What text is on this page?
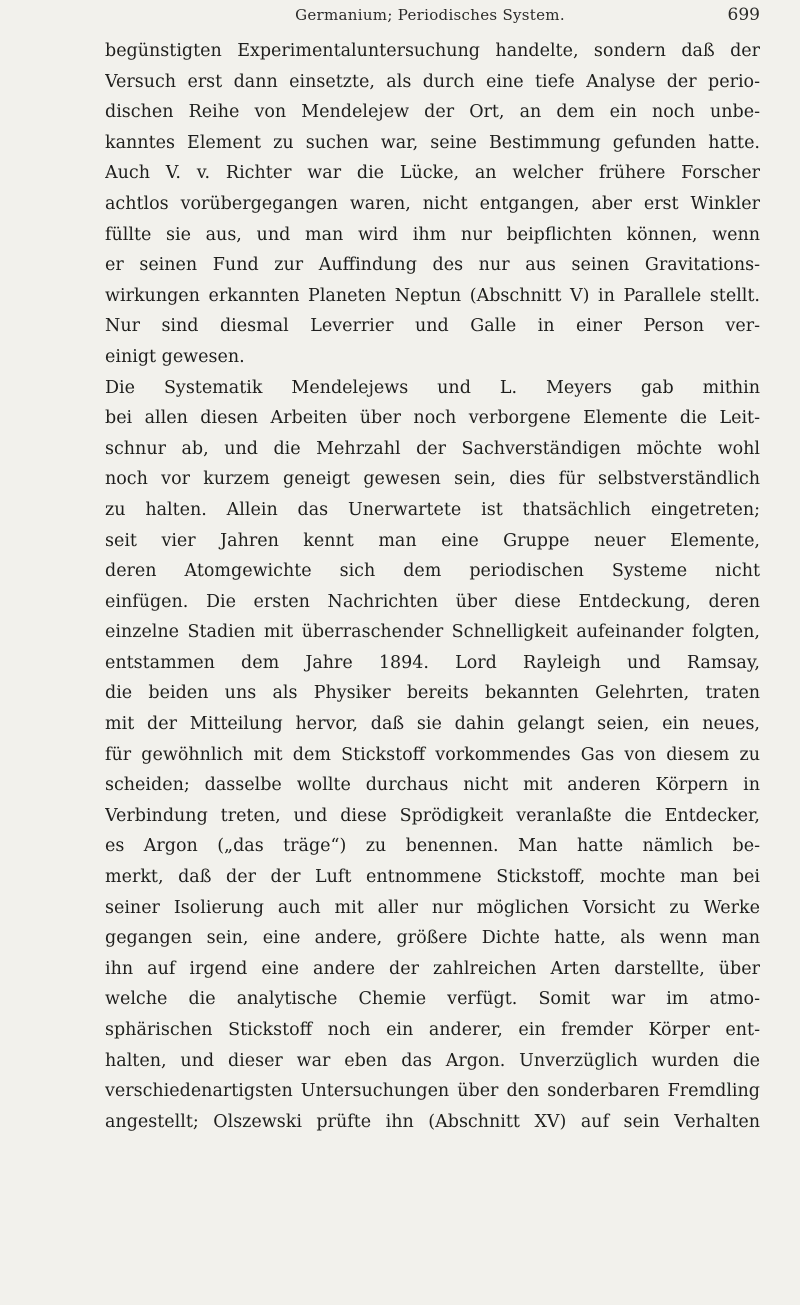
Germanium; Periodisches System.	699
begünstigten Experimentaluntersuchung handelte, sondern daß der
Versuch erst dann einsetzte, als durch eine tiefe Analyse der perio-
dischen Reihe von Mendelejew der Ort, an dem ein noch unbe-
kanntes Element zu suchen war, seine Bestimmung gefunden hatte.
Auch V. v. Richter war die Lücke, an welcher frühere Forscher
achtlos vorübergegangen waren, nicht entgangen, aber erst Winkler
füllte sie aus, und man wird ihm nur beipflichten können, wenn
er seinen Fund zur Auffindung des nur aus seinen Gravitations-
wirkungen erkannten Planeten Neptun (Abschnitt V) in Parallele stellt.
Nur sind diesmal Leverrier und Galle in einer Person ver-
einigt gewesen.
Die Systematik Mendelejews und L. Meyers gab mithin
bei allen diesen Arbeiten über noch verborgene Elemente die Leit-
schnur ab, und die Mehrzahl der Sachverständigen möchte wohl
noch vor kurzem geneigt gewesen sein, dies für selbstverständlich
zu halten. Allein das Unerwartete ist thatsächlich eingetreten;
seit vier Jahren kennt man eine Gruppe neuer Elemente,
deren Atomgewichte sich dem periodischen Systeme nicht
einfügen. Die ersten Nachrichten über diese Entdeckung, deren
einzelne Stadien mit überraschender Schnelligkeit aufeinander folgten,
entstammen dem Jahre 1894. Lord Rayleigh und Ramsay,
die beiden uns als Physiker bereits bekannten Gelehrten, traten
mit der Mitteilung hervor, daß sie dahin gelangt seien, ein neues,
für gewöhnlich mit dem Stickstoff vorkommendes Gas von diesem zu
scheiden; dasselbe wollte durchaus nicht mit anderen Körpern in
Verbindung treten, und diese Sprödigkeit veranlaßte die Entdecker,
es Argon („das träge“) zu benennen. Man hatte nämlich be-
merkt, daß der der Luft entnommene Stickstoff, mochte man bei
seiner Isolierung auch mit aller nur möglichen Vorsicht zu Werke
gegangen sein, eine andere, größere Dichte hatte, als wenn man
ihn auf irgend eine andere der zahlreichen Arten darstellte, über
welche die analytische Chemie verfügt. Somit war im atmo-
sphärischen Stickstoff noch ein anderer, ein fremder Körper ent-
halten, und dieser war eben das Argon. Unverzüglich wurden die
verschiedenartigsten Untersuchungen über den sonderbaren Fremdling
angestellt; Olszewski prüfte ihn (Abschnitt XV) auf sein Verhalten
